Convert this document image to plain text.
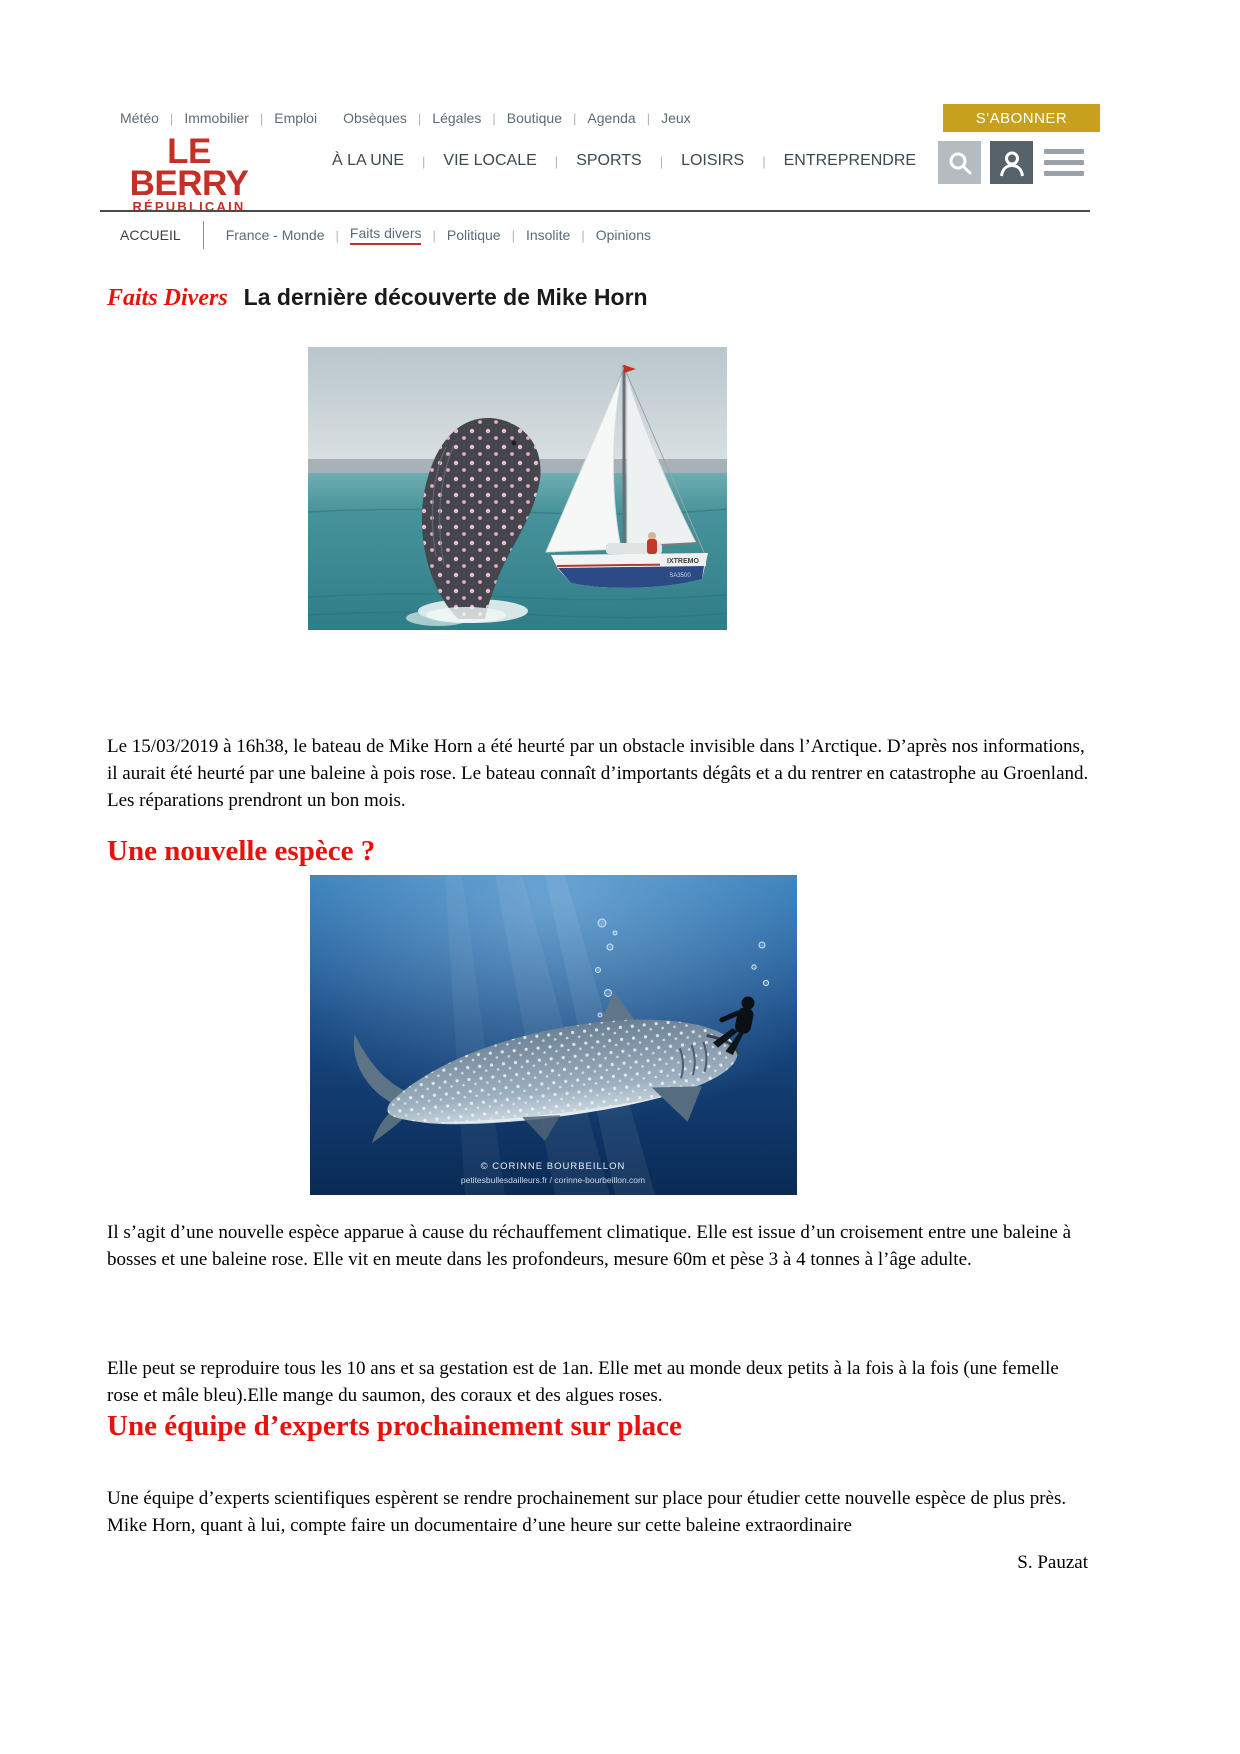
Météo | Immobilier | Emploi Obsèques | Légales | Boutique | Agenda | Jeux	S'ABONNER
LE BERRY
RÉPUBLICAIN
À LA UNE	|	VIE LOCALE	|	SPORTS	|	LOISIRS	|	ENTREPRENDRE
ACCUEIL	France - Monde | Faits divers | Politique | Insolite | Opinions
Faits Divers La dernière découverte de Mike Horn
IXTREMO
SA3500

Le 15/03/2019 à 16h38, le bateau de Mike Horn a été heurté par un obstacle invisible dans l’Arctique. D’après nos informations, il aurait été heurté par une baleine à pois rose. Le bateau connaît d’importants dégâts et a du rentrer en catastrophe au Groenland. Les réparations prendront un bon mois.

Une nouvelle espèce ?
© CORINNE BOURBEILLON
petitesbullesdailleurs.fr / corinne-bourbeillon.com

Il s’agit d’une nouvelle espèce apparue à cause du réchauffement climatique. Elle est issue d’un croisement entre une baleine à bosses et une baleine rose. Elle vit en meute dans les profondeurs, mesure 60m et pèse 3 à 4 tonnes à l’âge adulte.

Elle peut se reproduire tous les 10 ans et sa gestation est de 1an. Elle met au monde deux petits à la fois à la fois (une femelle rose et mâle bleu).Elle mange du saumon, des coraux et des algues roses.

Une équipe d’experts prochainement sur place

Une équipe d’experts scientifiques espèrent se rendre prochainement sur place pour étudier cette nouvelle espèce de plus près. Mike Horn, quant à lui, compte faire un documentaire d’une heure sur cette baleine extraordinaire

S. Pauzat
